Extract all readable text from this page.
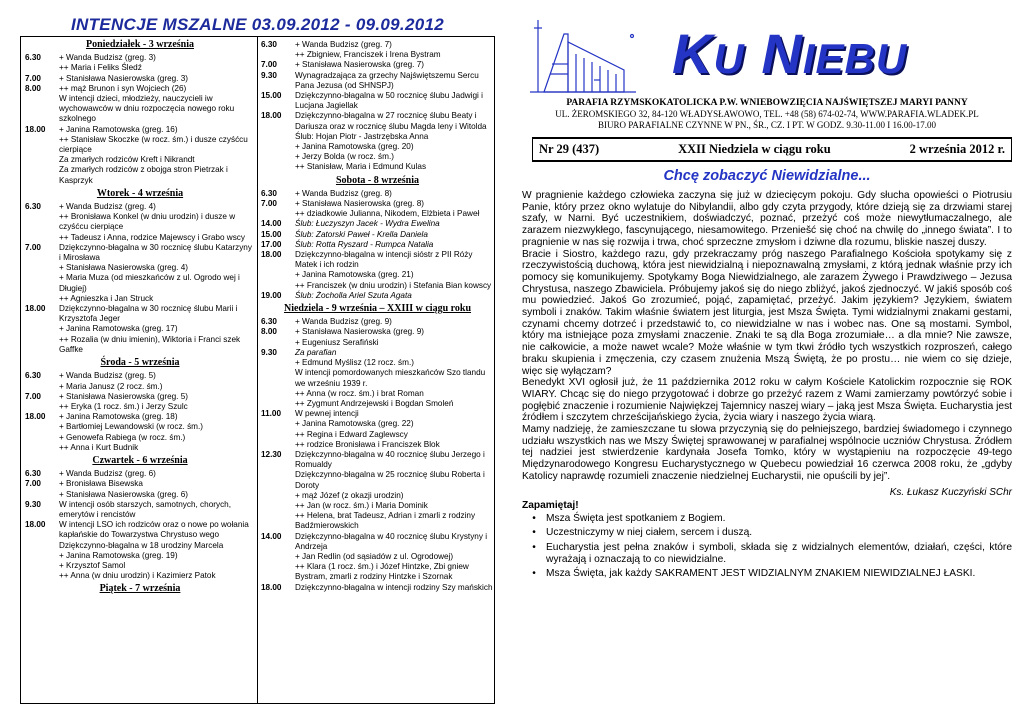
INTENCJE MSZALNE 03.09.2012 - 09.09.2012
Poniedziałek - 3 września
6.30	+ Wanda Budzisz (greg. 3)
++ Maria i Feliks Śledź
7.00	+ Stanisława Nasierowska (greg. 3)
8.00	++ mąż Brunon i syn Wojciech (26)
W intencji dzieci, młodzieży, nauczycieli iw wychowawców w dniu rozpoczęcia nowego roku szkolnego
18.00	+ Janina Ramotowska (greg. 16)
++ Stanisław Skoczke (w rocz. śm.) i dusze czyśćcu cierpiące
Za zmarłych rodziców Kreft i Nikrandt
Za zmarłych rodziców z obojga stron Pietrzak i Kasprzyk
Wtorek - 4 września
6.30	+ Wanda Budzisz (greg. 4)
++ Bronisława Konkel (w dniu urodzin) i dusze w czyśćcu cierpiące
++ Tadeusz i Anna, rodzice Majewscy i Grabo wscy
7.00	Dziękczynno-błagalna w 30 rocznicę ślubu Katarzyny i Mirosława
+ Stanisława Nasierowska (greg. 4)
+ Maria Muza (od mieszkańców z ul. Ogrodo wej i Długiej)
++ Agnieszka i Jan Struck
18.00	Dziękczynno-błagalna w 30 rocznicę ślubu Marii i Krzysztofa Jeger
+ Janina Ramotowska (greg. 17)
++ Rozalia (w dniu imienin), Wiktoria i Franci szek Gaffke
Środa - 5 września
6.30	+ Wanda Budzisz (greg. 5)
+ Maria Janusz (2 rocz. śm.)
7.00	+ Stanisława Nasierowska (greg. 5)
++ Eryka (1 rocz. śm.) i Jerzy Szulc
18.00	+ Janina Ramotowska (greg. 18)
+ Bartłomiej Lewandowski (w rocz. śm.)
+ Genowefa Rabiega (w rocz. śm.)
++ Anna i Kurt Budnik
Czwartek - 6 września
6.30	+ Wanda Budzisz (greg. 6)
7.00	+ Bronisława Bisewska
+ Stanisława Nasierowska (greg. 6)
9.30	W intencji osób starszych, samotnych, chorych, emerytów i rencistów
18.00	W intencji LSO ich rodziców oraz o nowe po wołania kapłańskie do Towarzystwa Chrystuso wego
Dziękczynno-błagalna w 18 urodziny Marcela
+ Janina Ramotowska (greg. 19)
+ Krzysztof Samol
++ Anna (w dniu urodzin) i Kazimierz Patok
Piątek - 7 września
6.30	+ Wanda Budzisz (greg. 7)
++ Zbigniew, Franciszek i Irena Bystram
7.00	+ Stanisława Nasierowska (greg. 7)
9.30	Wynagradzająca za grzechy Najświętszemu Sercu Pana Jezusa (od SHNSPJ)
15.00	Dziękczynno-błagalna w 50 rocznicę ślubu Jadwigi i Lucjana Jagiellak
18.00	Dziękczynno-błagalna w 27 rocznicę ślubu Beaty i Dariusza oraz w rocznicę ślubu Magda leny i Witolda
Ślub: Hojan Piotr - Jastrzębska Anna
+ Janina Ramotowska (greg. 20)
+ Jerzy Bolda (w rocz. śm.)
++ Stanisław, Maria i Edmund Kulas
Sobota - 8 września
6.30	+ Wanda Budzisz (greg. 8)
7.00	+ Stanisława Nasierowska (greg. 8)
++ dziadkowie Julianna, Nikodem, Elżbieta i Paweł
14.00	Ślub: Łuczyszyn Jacek - Wydra Ewelina
15.00	Ślub: Zatorski Paweł - Krella Daniela
17.00	Ślub: Rotta Ryszard - Rumpca Natalia
18.00	Dziękczynno-błagalna w intencji sióstr z PII Róży Matek i ich rodzin
+ Janina Ramotowska (greg. 21)
++ Franciszek (w dniu urodzin) i Stefania Bian kowscy
19.00	Ślub: Żocholla Ariel Szuta Agata
Niedziela - 9 września – XXIII w ciągu roku
6.30	+ Wanda Budzisz (greg. 9)
8.00	+ Stanisława Nasierowska (greg. 9)
+ Eugeniusz Serafiński
9.30	Za parafian
+ Edmund Myślisz (12 rocz. śm.)
W intencji pomordowanych mieszkańców Szo tlandu we wrześniu 1939 r.
++ Anna (w rocz. śm.) i brat Roman
++ Zygmunt Andrzejewski i Bogdan Smoleń
11.00	W pewnej intencji
+ Janina Ramotowska (greg. 22)
++ Regina i Edward Zaglewscy
++ rodzice Bronisława i Franciszek Blok
12.30	Dziękczynno-błagalna w 40 rocznicę ślubu Jerzego i Romualdy
Dziękczynno-błagalna w 25 rocznicę ślubu Roberta i Doroty
+ mąż Józef (z okazji urodzin)
++ Jan (w rocz. śm.) i Maria Dominik
++ Helena, brat Tadeusz, Adrian i zmarli z rodziny Badźmierowskich
14.00	Dziękczynno-błagalna w 40 rocznicę ślubu Krystyny i Andrzeja
+ Jan Redlin (od sąsiadów z ul. Ogrodowej)
++ Klara (1 rocz. śm.) i Józef Hintzke, Zbi gniew Bystram, zmarli z rodziny Hintzke i Szornak
18.00	Dziękczynno-błagalna w intencji rodziny Szy mańskich
KU NIEBU
PARAFIA RZYMSKOKATOLICKA P.W. WNIEBOWZIĘCIA NAJŚWIĘTSZEJ MARYI PANNY
UL. ŻEROMSKIEGO 32, 84-120 WŁADYSŁAWOWO, TEL. +48 (58) 674-02-74, WWW.PARAFIA.WLADEK.PL
BIURO PARAFIALNE CZYNNE W PN., ŚR., CZ. I PT. W GODZ. 9.30-11.00 I 16.00-17.00
Nr 29 (437)	XXII Niedziela w ciągu roku	2 września 2012 r.
Chcę zobaczyć Niewidzialne...

W pragnienie każdego człowieka zaczyna się już w dziecięcym pokoju. Gdy słucha opowieści o Piotrusiu Panie, który przez okno wylatuje do Nibylandii, albo gdy czyta przygody, które dzieją się za drzwiami starej szafy, w Narni. Być uczestnikiem, doświadczyć, poznać, przeżyć coś może niewytłumaczalnego, ale zarazem niezwykłego, fascynującego, niesamowitego. Przeniešć się choć na chwilę do „innego świata”. I to pragnienie w nas się rozwija i trwa, choć sprzeczne zmysłom i dziwne dla rozumu, bliskie naszej duszy.

Bracie i Siostro, każdego razu, gdy przekraczamy próg naszego Parafialnego Kościoła spotykamy się z rzeczywistością duchową, która jest niewidzialną i niepoznawalną zmysłami, z którą jednak właśnie przy ich pomocy się komunikujemy. Spotykamy Boga Niewidzialnego, ale zarazem Żywego i Prawdziwego – Jezusa Chrystusa, naszego Zbawiciela. Próbujemy jakoś się do niego zbliżyć, jakoś zjednoczyć. W jakiś sposób coś mu powiedzieć. Jakoś Go zrozumieć, pojąć, zapamiętać, przeżyć. Jakim językiem? Językiem, światem symboli i znaków. Takim właśnie światem jest liturgia, jest Msza Święta. Tymi widzialnymi znakami gestami, czynami chcemy dotrzeć i przedstawić to, co niewidzialne w nas i wobec nas. One są mostami. Symbol, który ma istniejące poza zmysłami znaczenie. Znaki te są dla Boga zrozumiałe… a dla mnie? Nie zawsze, nie całkowicie, a może nawet wcale? Może właśnie w tym tkwi źródło tych wszystkich rozproszeń, całego braku skupienia i zmęczenia, czy czasem znużenia Mszą Świętą, że po prostu… nie wiem co się dzieje, więc się wyłączam?

Benedykt XVI ogłosił już, że 11 października 2012 roku w całym Kościele Katolickim rozpocznie się ROK WIARY. Chcąc się do niego przygotować i dobrze go przeżyć razem z Wami zamierzamy powtórzyć sobie i pogłębić znaczenie i rozumienie Najwiękzej Tajemnicy naszej wiary – jaką jest Msza Święta. Eucharystia jest źródłem i szczytem chrześcijańskiego życia, życia wiary i naszego życia wiarą.

Mamy nadzieję, że zamieszczane tu słowa przyczynią się do pełniejszego, bardziej świadomego i czynnego udziału wszystkich nas we Mszy Świętej sprawowanej w parafialnej wspólnocie uczniów Chrystusa. Źródłem tej nadziei jest stwierdzenie kardynała Josefa Tomko, który w wystąpieniu na rozpoczęcie 49-tego Międzynarodowego Kongresu Eucharystycznego w Quebecu powiedział 16 czerwca 2008 roku, że „gdyby Katolicy naprawdę rozumieli znaczenie niedzielnej Eucharystii, nie opuścili by jej”.

Ks. Łukasz Kuczyński SChr
Zapamiętaj!
•	Msza Święta jest spotkaniem z Bogiem.
•	Uczestniczymy w niej ciałem, sercem i duszą.
•	Eucharystia jest pełna znaków i symboli, składa się z widzialnych elementów, działań, części, które wyrażają i oznaczają to co niewidzialne.
•	Msza Święta, jak każdy SAKRAMENT JEST WIDZIALNYM ZNAKIEM NIEWIDZIALNEJ ŁASKI.
